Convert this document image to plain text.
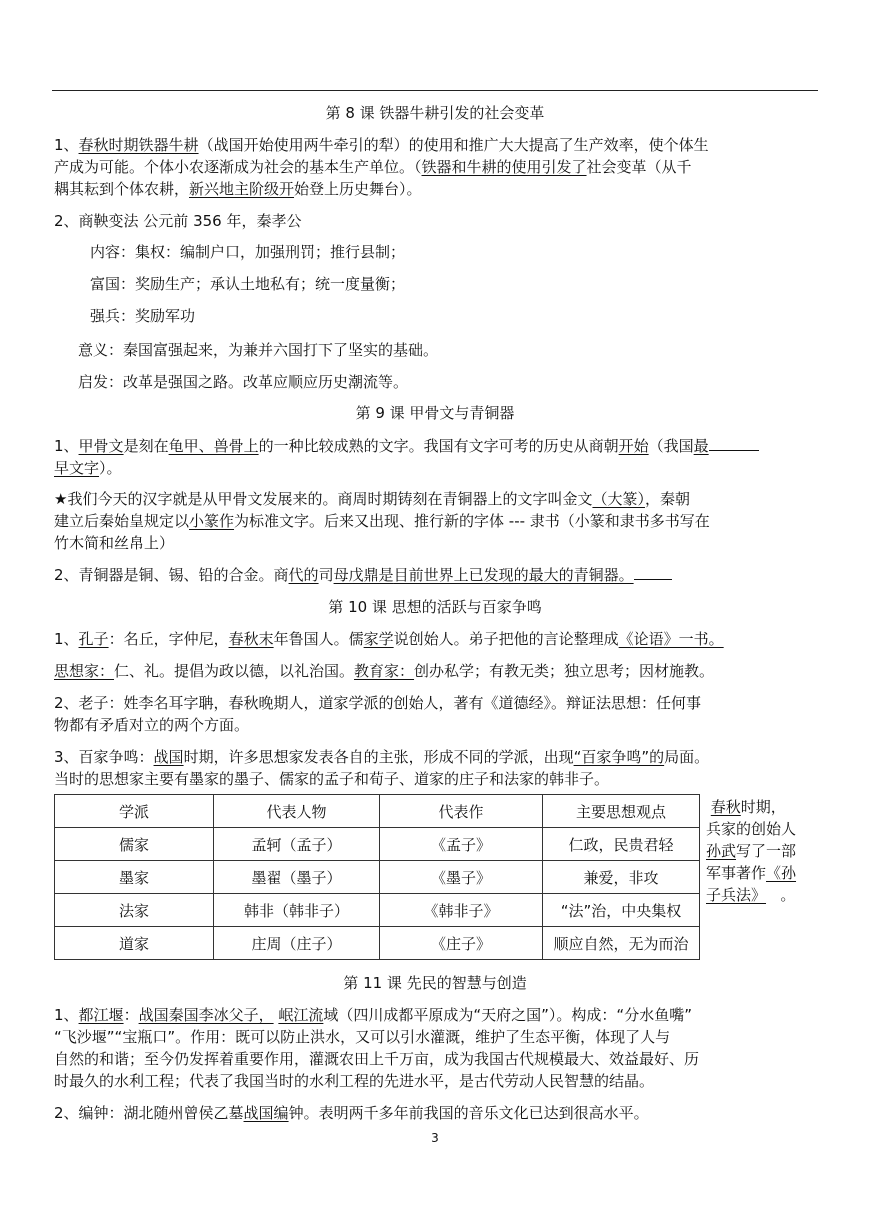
第 8 课 铁器牛耕引发的社会变革
1、春秋时期铁器牛耕（战国开始使用两牛牵引的犁）的使用和推广大大提高了生产效率，使个体生
产成为可能。个体小农逐渐成为社会的基本生产单位。（铁器和牛耕的使用引发了社会变革（从千
耦其耘到个体农耕，新兴地主阶级开始登上历史舞台）。
2、商鞅变法 公元前 356 年，秦孝公
内容：集权：编制户口，加强刑罚；推行县制；
富国：奖励生产；承认土地私有；统一度量衡；
强兵：奖励军功
意义：秦国富强起来，为兼并六国打下了坚实的基础。
启发：改革是强国之路。改革应顺应历史潮流等。
第 9 课 甲骨文与青铜器
1、甲骨文是刻在龟甲、兽骨上的一种比较成熟的文字。我国有文字可考的历史从商朝开始（我国最
早文字）。
★我们今天的汉字就是从甲骨文发展来的。商周时期铸刻在青铜器上的文字叫金文（大篆），秦朝
建立后秦始皇规定以小篆作为标准文字。后来又出现、推行新的字体 --- 隶书（小篆和隶书多书写在
竹木简和丝帛上）
2、青铜器是铜、锡、铅的合金。商代的司母戊鼎是目前世界上已发现的最大的青铜器。
第 10 课 思想的活跃与百家争鸣
1、孔子：名丘，字仲尼，春秋末年鲁国人。儒家学说创始人。弟子把他的言论整理成《论语》一书。
思想家：仁、礼。提倡为政以德，以礼治国。教育家：创办私学；有教无类；独立思考；因材施教。
2、老子：姓李名耳字聃，春秋晚期人，道家学派的创始人，著有《道德经》。辩证法思想：任何事
物都有矛盾对立的两个方面。
3、百家争鸣：战国时期，许多思想家发表各自的主张，形成不同的学派，出现“百家争鸣”的局面。
当时的思想家主要有墨家的墨子、儒家的孟子和荀子、道家的庄子和法家的韩非子。
学派	代表人物	代表作	主要思想观点
儒家	孟轲（孟子）	《孟子》	仁政，民贵君轻
墨家	墨翟（墨子）	《墨子》	兼爱，非攻
法家	韩非（韩非子）	《韩非子》	“法”治，中央集权
道家	庄周（庄子）	《庄子》	顺应自然，无为而治
春秋时期，
兵家的创始人
孙武写了一部
军事著作《孙
子兵法》 。
第 11 课 先民的智慧与创造
1、都江堰：战国秦国李冰父子， 岷江流域（四川成都平原成为“天府之国”）。构成：“分水鱼嘴”
“飞沙堰”“宝瓶口”。作用：既可以防止洪水，又可以引水灌溉，维护了生态平衡，体现了人与
自然的和谐；至今仍发挥着重要作用，灌溉农田上千万亩，成为我国古代规模最大、效益最好、历
时最久的水利工程；代表了我国当时的水利工程的先进水平，是古代劳动人民智慧的结晶。
2、编钟：湖北随州曾侯乙墓战国编钟。表明两千多年前我国的音乐文化已达到很高水平。
3
